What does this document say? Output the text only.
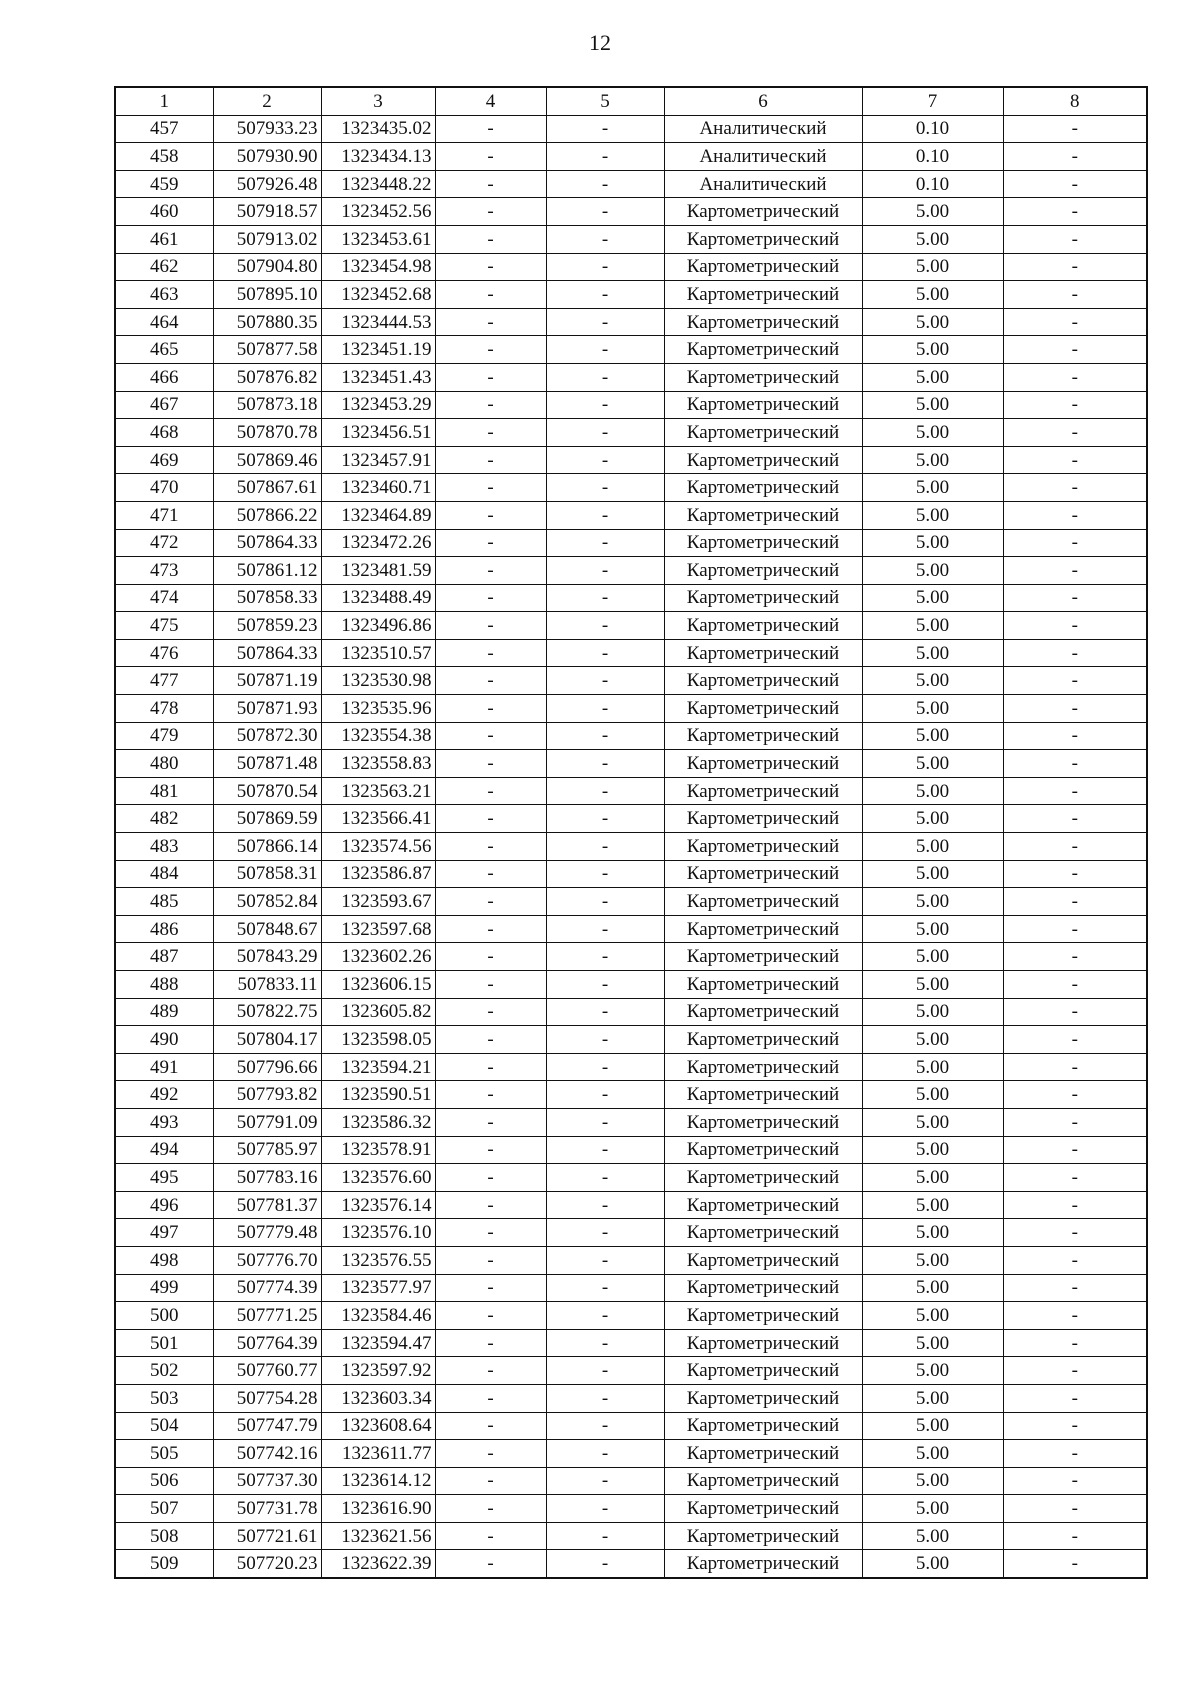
12
1	2	3	4	5	6	7	8
457	507933.23	1323435.02	-	-	Аналитический	0.10	-
458	507930.90	1323434.13	-	-	Аналитический	0.10	-
459	507926.48	1323448.22	-	-	Аналитический	0.10	-
460	507918.57	1323452.56	-	-	Картометрический	5.00	-
461	507913.02	1323453.61	-	-	Картометрический	5.00	-
462	507904.80	1323454.98	-	-	Картометрический	5.00	-
463	507895.10	1323452.68	-	-	Картометрический	5.00	-
464	507880.35	1323444.53	-	-	Картометрический	5.00	-
465	507877.58	1323451.19	-	-	Картометрический	5.00	-
466	507876.82	1323451.43	-	-	Картометрический	5.00	-
467	507873.18	1323453.29	-	-	Картометрический	5.00	-
468	507870.78	1323456.51	-	-	Картометрический	5.00	-
469	507869.46	1323457.91	-	-	Картометрический	5.00	-
470	507867.61	1323460.71	-	-	Картометрический	5.00	-
471	507866.22	1323464.89	-	-	Картометрический	5.00	-
472	507864.33	1323472.26	-	-	Картометрический	5.00	-
473	507861.12	1323481.59	-	-	Картометрический	5.00	-
474	507858.33	1323488.49	-	-	Картометрический	5.00	-
475	507859.23	1323496.86	-	-	Картометрический	5.00	-
476	507864.33	1323510.57	-	-	Картометрический	5.00	-
477	507871.19	1323530.98	-	-	Картометрический	5.00	-
478	507871.93	1323535.96	-	-	Картометрический	5.00	-
479	507872.30	1323554.38	-	-	Картометрический	5.00	-
480	507871.48	1323558.83	-	-	Картометрический	5.00	-
481	507870.54	1323563.21	-	-	Картометрический	5.00	-
482	507869.59	1323566.41	-	-	Картометрический	5.00	-
483	507866.14	1323574.56	-	-	Картометрический	5.00	-
484	507858.31	1323586.87	-	-	Картометрический	5.00	-
485	507852.84	1323593.67	-	-	Картометрический	5.00	-
486	507848.67	1323597.68	-	-	Картометрический	5.00	-
487	507843.29	1323602.26	-	-	Картометрический	5.00	-
488	507833.11	1323606.15	-	-	Картометрический	5.00	-
489	507822.75	1323605.82	-	-	Картометрический	5.00	-
490	507804.17	1323598.05	-	-	Картометрический	5.00	-
491	507796.66	1323594.21	-	-	Картометрический	5.00	-
492	507793.82	1323590.51	-	-	Картометрический	5.00	-
493	507791.09	1323586.32	-	-	Картометрический	5.00	-
494	507785.97	1323578.91	-	-	Картометрический	5.00	-
495	507783.16	1323576.60	-	-	Картометрический	5.00	-
496	507781.37	1323576.14	-	-	Картометрический	5.00	-
497	507779.48	1323576.10	-	-	Картометрический	5.00	-
498	507776.70	1323576.55	-	-	Картометрический	5.00	-
499	507774.39	1323577.97	-	-	Картометрический	5.00	-
500	507771.25	1323584.46	-	-	Картометрический	5.00	-
501	507764.39	1323594.47	-	-	Картометрический	5.00	-
502	507760.77	1323597.92	-	-	Картометрический	5.00	-
503	507754.28	1323603.34	-	-	Картометрический	5.00	-
504	507747.79	1323608.64	-	-	Картометрический	5.00	-
505	507742.16	1323611.77	-	-	Картометрический	5.00	-
506	507737.30	1323614.12	-	-	Картометрический	5.00	-
507	507731.78	1323616.90	-	-	Картометрический	5.00	-
508	507721.61	1323621.56	-	-	Картометрический	5.00	-
509	507720.23	1323622.39	-	-	Картометрический	5.00	-
